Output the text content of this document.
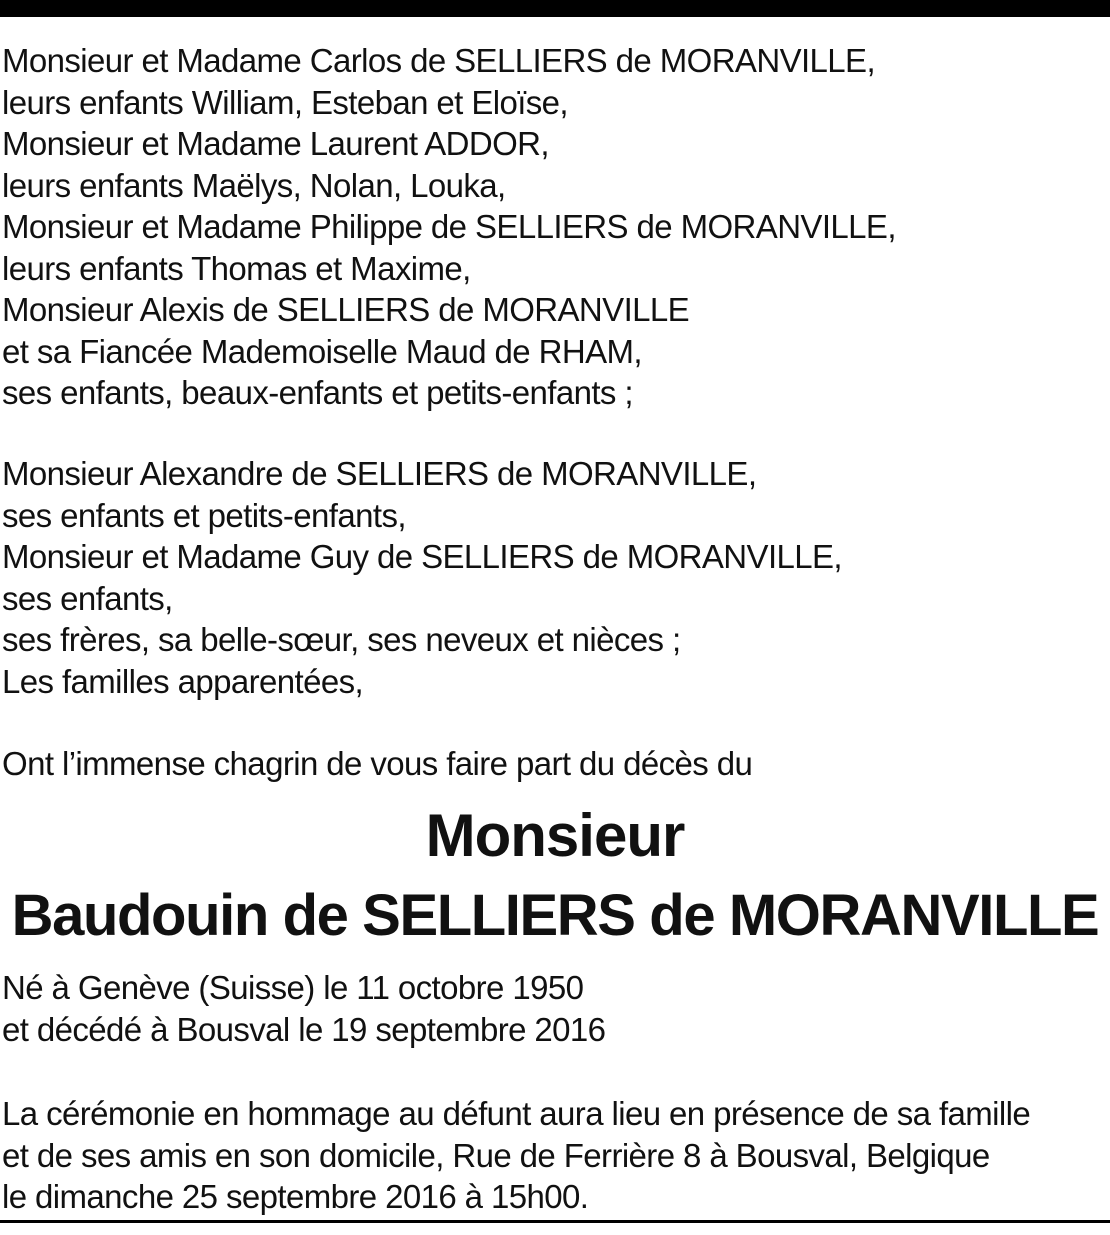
Monsieur et Madame Carlos de SELLIERS de MORANVILLE,
leurs enfants William, Esteban et Eloïse,
Monsieur et Madame Laurent ADDOR,
leurs enfants Maëlys, Nolan, Louka,
Monsieur et Madame Philippe de SELLIERS de MORANVILLE,
leurs enfants Thomas et Maxime,
Monsieur Alexis de SELLIERS de MORANVILLE
et sa Fiancée Mademoiselle Maud de RHAM,
ses enfants, beaux-enfants et petits-enfants ;
Monsieur Alexandre de SELLIERS de MORANVILLE,
ses enfants et petits-enfants,
Monsieur et Madame Guy de SELLIERS de MORANVILLE,
ses enfants,
ses frères, sa belle-sœur, ses neveux et nièces ;
Les familles apparentées,
Ont l’immense chagrin de vous faire part du décès du
Monsieur
Baudouin de SELLIERS de MORANVILLE
Né à Genève (Suisse) le 11 octobre 1950
et décédé à Bousval le 19 septembre 2016
La cérémonie en hommage au défunt aura lieu en présence de sa famille
et de ses amis en son domicile, Rue de Ferrière 8 à Bousval, Belgique
le dimanche 25 septembre 2016 à 15h00.
